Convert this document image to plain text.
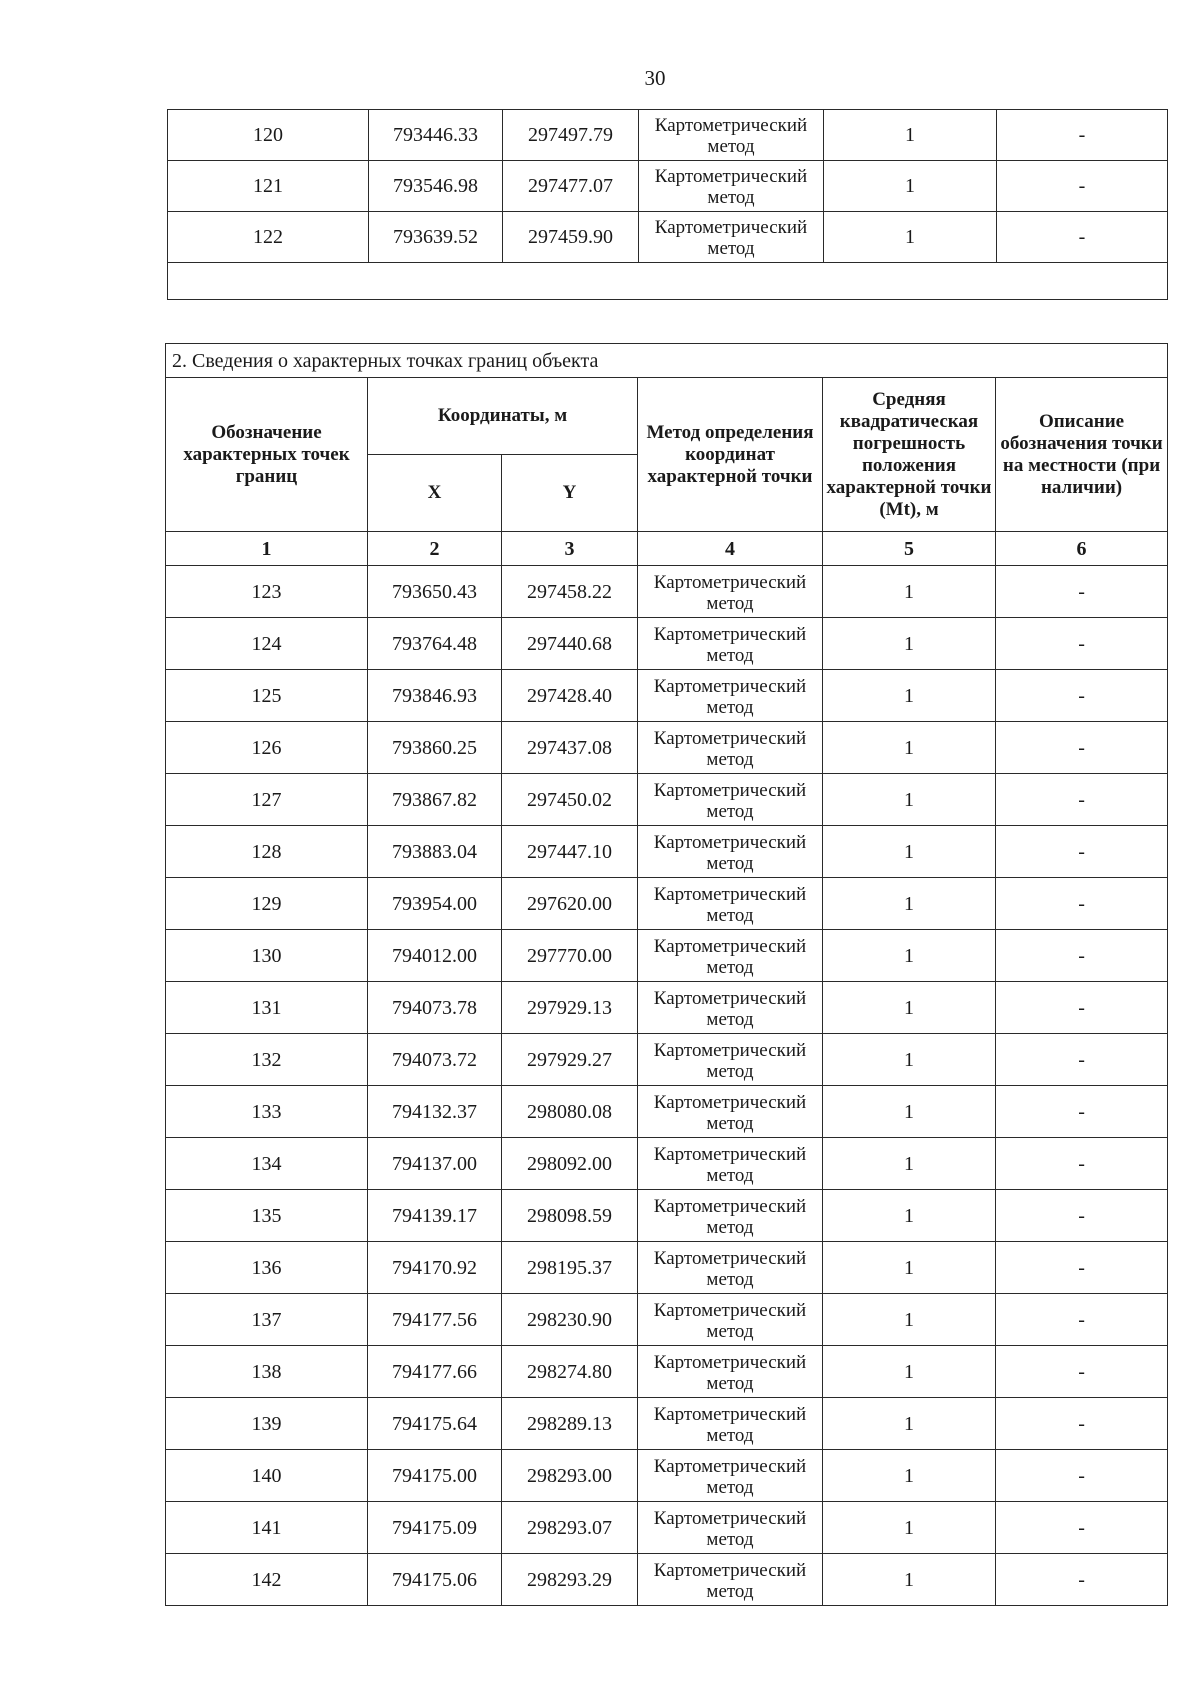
30
120	793446.33	297497.79	Картометрический метод	1	-
121	793546.98	297477.07	Картометрический метод	1	-
122	793639.52	297459.90	Картометрический метод	1	-

2. Сведения о характерных точках границ объекта					
Обозначение характерных точек границ	Координаты, м		Метод определения координат характерной точки	Средняя квадратическая погрешность положения характерной точки (Mt), м	Описание обозначения точки на местности (при наличии)
	X	Y			
1	2	3	4	5	6
123	793650.43	297458.22	Картометрический метод	1	-
124	793764.48	297440.68	Картометрический метод	1	-
125	793846.93	297428.40	Картометрический метод	1	-
126	793860.25	297437.08	Картометрический метод	1	-
127	793867.82	297450.02	Картометрический метод	1	-
128	793883.04	297447.10	Картометрический метод	1	-
129	793954.00	297620.00	Картометрический метод	1	-
130	794012.00	297770.00	Картометрический метод	1	-
131	794073.78	297929.13	Картометрический метод	1	-
132	794073.72	297929.27	Картометрический метод	1	-
133	794132.37	298080.08	Картометрический метод	1	-
134	794137.00	298092.00	Картометрический метод	1	-
135	794139.17	298098.59	Картометрический метод	1	-
136	794170.92	298195.37	Картометрический метод	1	-
137	794177.56	298230.90	Картометрический метод	1	-
138	794177.66	298274.80	Картометрический метод	1	-
139	794175.64	298289.13	Картометрический метод	1	-
140	794175.00	298293.00	Картометрический метод	1	-
141	794175.09	298293.07	Картометрический метод	1	-
142	794175.06	298293.29	Картометрический метод	1	-
